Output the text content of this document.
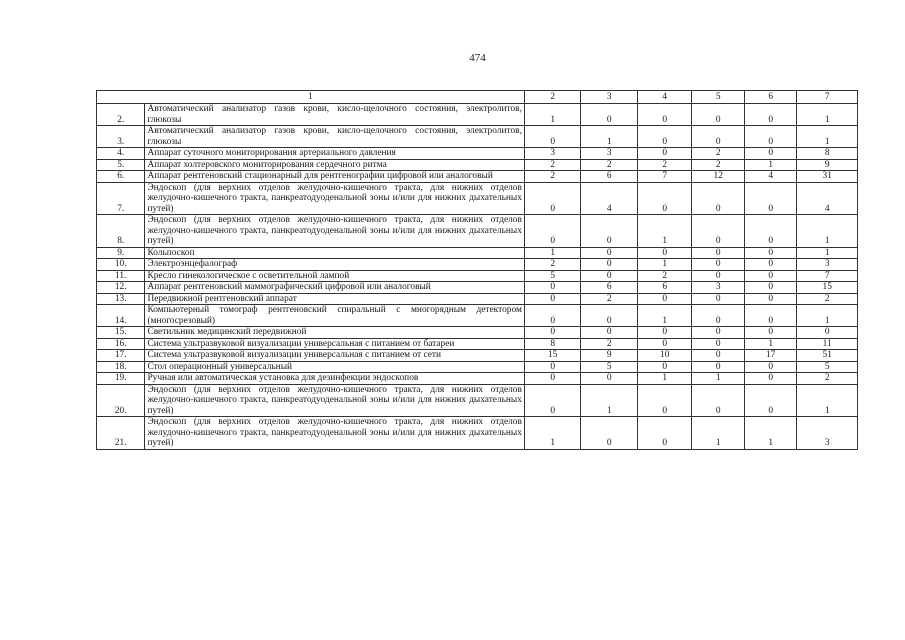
474
1		2	3	4	5	6	7
2.	Автоматический анализатор газов крови, кисло-щелочного состояния, электролитов, глюкозы	1	0	0	0	0	1
3.	Автоматический анализатор газов крови, кисло-щелочного состояния, электролитов, глюкозы	0	1	0	0	0	1
4.	Аппарат суточного мониторирования артериального давления	3	3	0	2	0	8
5.	Аппарат холтеровского мониторирования сердечного ритма	2	2	2	2	1	9
6.	Аппарат рентгеновский стационарный для рентгенографии цифровой или аналоговый	2	6	7	12	4	31
7.	Эндоскоп (для верхних отделов желудочно-кишечного тракта, для нижних отделов желудочно-кишечного тракта, панкреатодуоденальной зоны и/или для нижних дыхательных путей)	0	4	0	0	0	4
8.	Эндоскоп (для верхних отделов желудочно-кишечного тракта, для нижних отделов желудочно-кишечного тракта, панкреатодуоденальной зоны и/или для нижних дыхательных путей)	0	0	1	0	0	1
9.	Кольпоскоп	1	0	0	0	0	1
10.	Электроэнцефалограф	2	0	1	0	0	3
11.	Кресло гинекологическое с осветительной лампой	5	0	2	0	0	7
12.	Аппарат рентгеновский маммографический цифровой или аналоговый	0	6	6	3	0	15
13.	Передвижной рентгеновский аппарат	0	2	0	0	0	2
14.	Компьютерный томограф рентгеновский спиральный с многорядным детектором (многосрезовый)	0	0	1	0	0	1
15.	Светильник медицинский передвижной	0	0	0	0	0	0
16.	Система ультразвуковой визуализации универсальная с питанием от батареи	8	2	0	0	1	11
17.	Система ультразвуковой визуализации универсальная с питанием от сети	15	9	10	0	17	51
18.	Стол операционный универсальный	0	5	0	0	0	5
19.	Ручная или автоматическая установка для дезинфекции эндоскопов	0	0	1	1	0	2
20.	Эндоскоп (для верхних отделов желудочно-кишечного тракта, для нижних отделов желудочно-кишечного тракта, панкреатодуоденальной зоны и/или для нижних дыхательных путей)	0	1	0	0	0	1
21.	Эндоскоп (для верхних отделов желудочно-кишечного тракта, для нижних отделов желудочно-кишечного тракта, панкреатодуоденальной зоны и/или для нижних дыхательных путей)	1	0	0	1	1	3
